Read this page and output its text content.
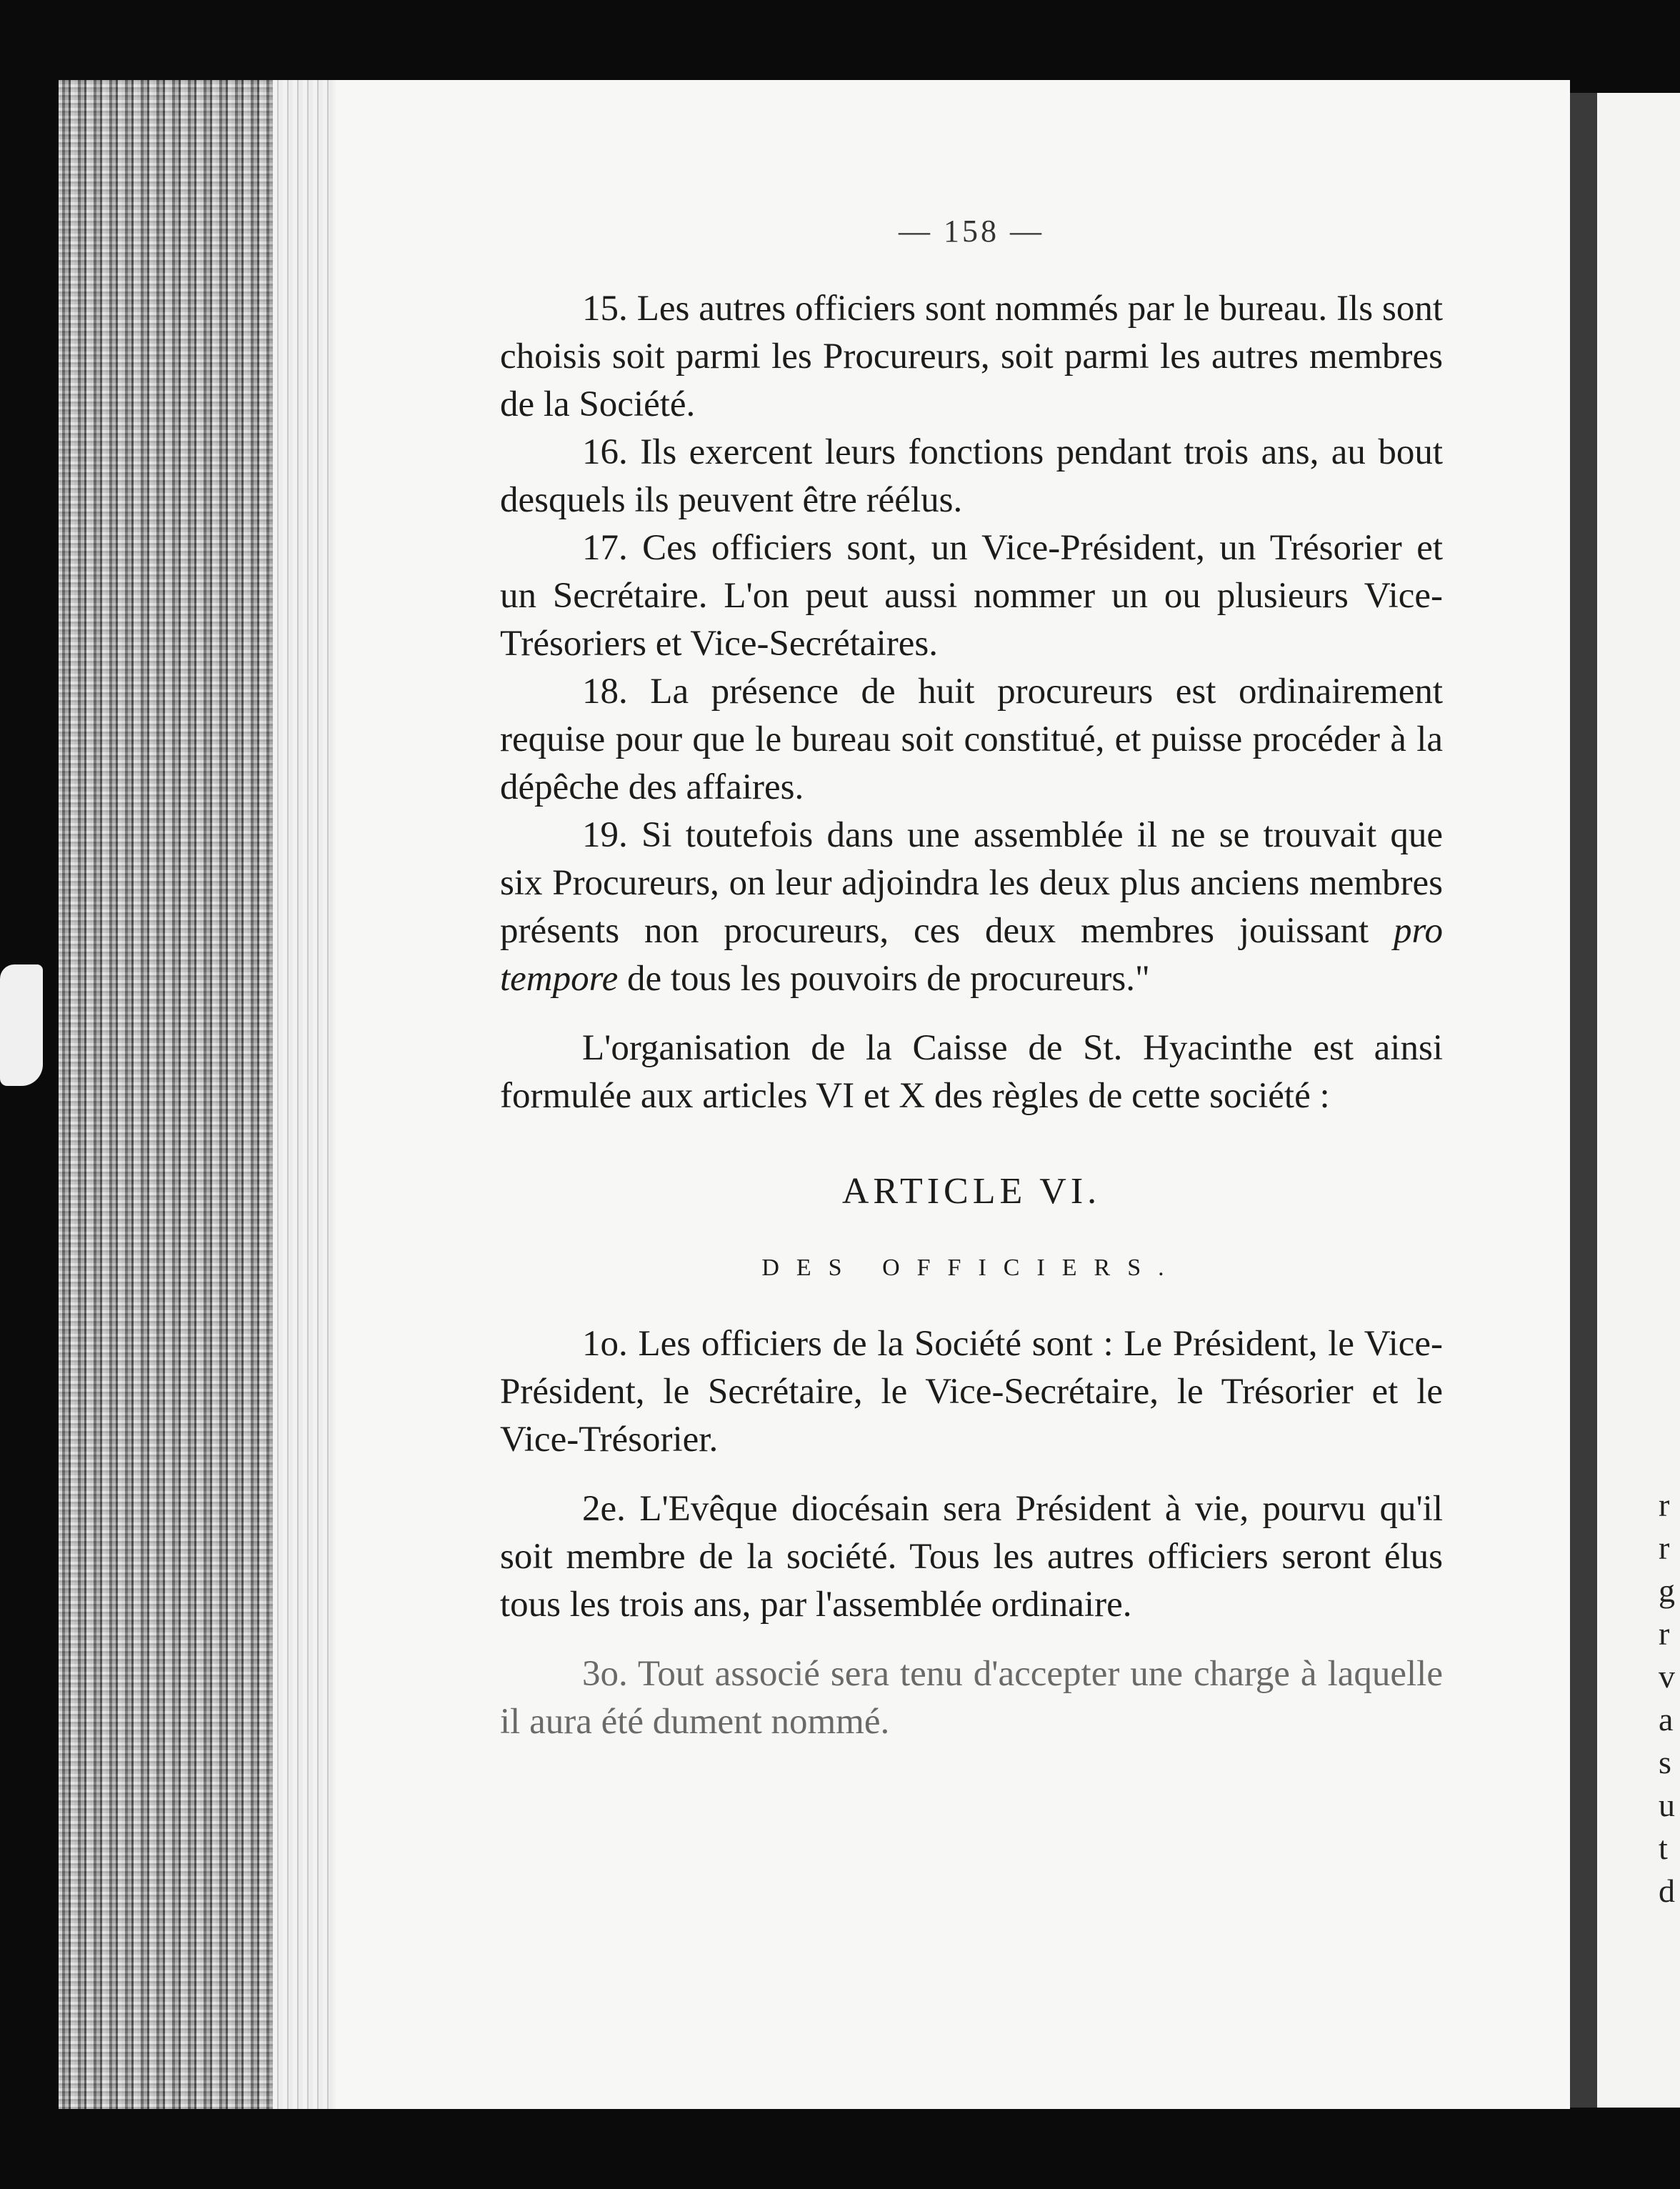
r
r
g
r
v
a
s
u
t
d
— 158 —

15. Les autres officiers sont nommés par le bureau. Ils sont choisis soit parmi les Procureurs, soit parmi les autres membres de la Société.

16. Ils exercent leurs fonctions pendant trois ans, au bout desquels ils peuvent être réélus.

17. Ces officiers sont, un Vice-Président, un Trésorier et un Secrétaire. L'on peut aussi nommer un ou plusieurs Vice-Trésoriers et Vice-Secrétaires.

18. La présence de huit procureurs est ordinairement requise pour que le bureau soit constitué, et puisse procéder à la dépêche des affaires.

19. Si toutefois dans une assemblée il ne se trouvait que six Procureurs, on leur adjoindra les deux plus anciens membres présents non procureurs, ces deux membres jouissant pro tempore de tous les pouvoirs de procureurs."

L'organisation de la Caisse de St. Hyacinthe est ainsi formulée aux articles VI et X des règles de cette société :

ARTICLE VI.
DES OFFICIERS.

1o. Les officiers de la Société sont : Le Président, le Vice-Président, le Secrétaire, le Vice-Secrétaire, le Trésorier et le Vice-Trésorier.

2e. L'Evêque diocésain sera Président à vie, pourvu qu'il soit membre de la société. Tous les autres officiers seront élus tous les trois ans, par l'assemblée ordinaire.

3o. Tout associé sera tenu d'accepter une charge à laquelle il aura été dument nommé.
